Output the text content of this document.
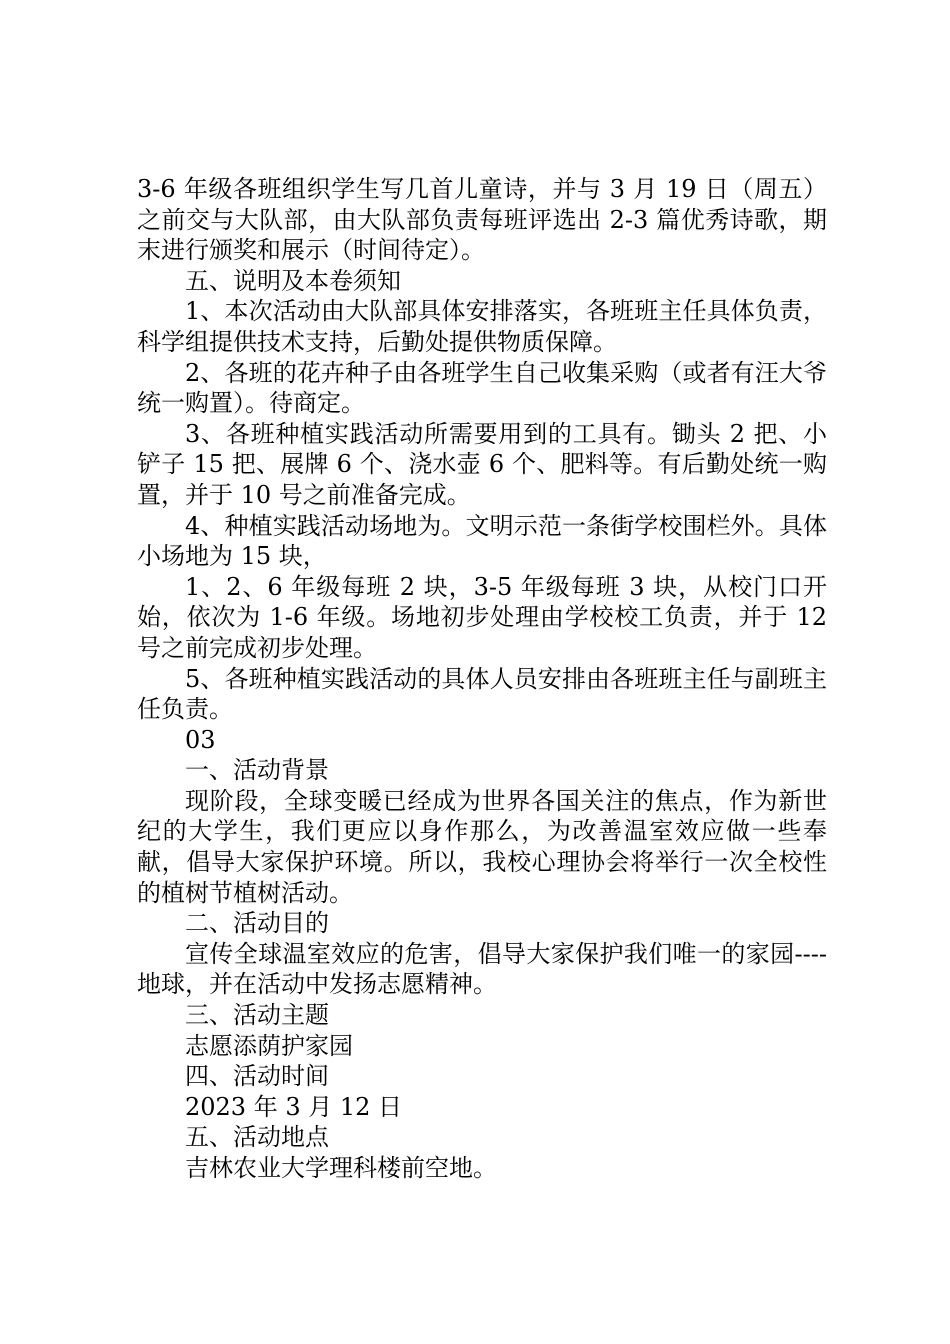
3-6 年级各班组织学生写几首儿童诗，并与 3 月 19 日（周五）之前交与大队部，由大队部负责每班评选出 2-3 篇优秀诗歌，期末进行颁奖和展示（时间待定）。

五、说明及本卷须知

1、本次活动由大队部具体安排落实，各班班主任具体负责，科学组提供技术支持，后勤处提供物质保障。

2、各班的花卉种子由各班学生自己收集采购（或者有汪大爷统一购置）。待商定。

3、各班种植实践活动所需要用到的工具有。锄头 2 把、小铲子 15 把、展牌 6 个、浇水壶 6 个、肥料等。有后勤处统一购置，并于 10 号之前准备完成。

4、种植实践活动场地为。文明示范一条街学校围栏外。具体小场地为 15 块，

1、2、6 年级每班 2 块，3-5 年级每班 3 块，从校门口开始，依次为 1-6 年级。场地初步处理由学校校工负责，并于 12 号之前完成初步处理。

5、各班种植实践活动的具体人员安排由各班班主任与副班主任负责。

03

一、活动背景

现阶段，全球变暖已经成为世界各国关注的焦点，作为新世纪的大学生，我们更应以身作那么，为改善温室效应做一些奉献，倡导大家保护环境。所以，我校心理协会将举行一次全校性的植树节植树活动。

二、活动目的

宣传全球温室效应的危害，倡导大家保护我们唯一的家园----地球，并在活动中发扬志愿精神。

三、活动主题

志愿添荫护家园

四、活动时间

2023 年 3 月 12 日

五、活动地点

吉林农业大学理科楼前空地。
